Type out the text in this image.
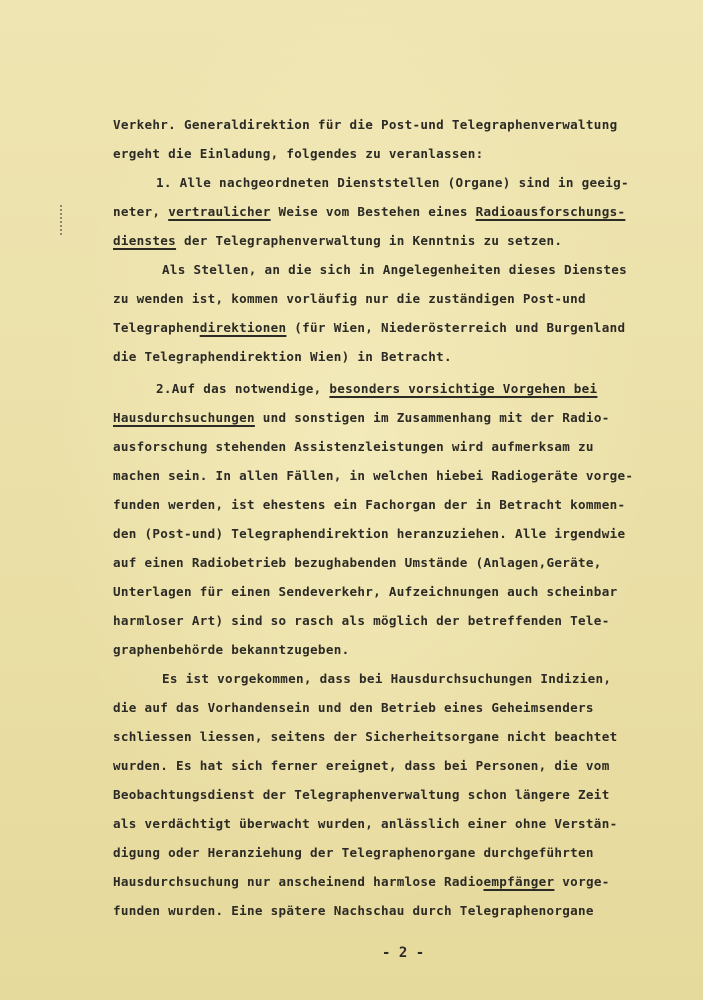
Verkehr. Generaldirektion für die Post-und Telegraphenverwaltung
ergeht die Einladung, folgendes zu veranlassen:
1. Alle nachgeordneten Dienststellen (Organe) sind in geeig-
neter, vertraulicher Weise vom Bestehen eines Radioausforschungs-
dienstes der Telegraphenverwaltung in Kenntnis zu setzen.
Als Stellen, an die sich in Angelegenheiten dieses Dienstes
zu wenden ist, kommen vorläufig nur die zuständigen Post-und
Telegraphendirektionen (für Wien, Niederösterreich und Burgenland
die Telegraphendirektion Wien) in Betracht.
2.Auf das notwendige, besonders vorsichtige Vorgehen bei
Hausdurchsuchungen und sonstigen im Zusammenhang mit der Radio-
ausforschung stehenden Assistenzleistungen wird aufmerksam zu
machen sein. In allen Fällen, in welchen hiebei Radiogeräte vorge-
funden werden, ist ehestens ein Fachorgan der in Betracht kommen-
den (Post-und) Telegraphendirektion heranzuziehen. Alle irgendwie
auf einen Radiobetrieb bezughabenden Umstände (Anlagen,Geräte,
Unterlagen für einen Sendeverkehr, Aufzeichnungen auch scheinbar
harmloser Art) sind so rasch als möglich der betreffenden Tele-
graphenbehörde bekanntzugeben.
Es ist vorgekommen, dass bei Hausdurchsuchungen Indizien,
die auf das Vorhandensein und den Betrieb eines Geheimsenders
schliessen liessen, seitens der Sicherheitsorgane nicht beachtet
wurden. Es hat sich ferner ereignet, dass bei Personen, die vom
Beobachtungsdienst der Telegraphenverwaltung schon längere Zeit
als verdächtigt überwacht wurden, anlässlich einer ohne Verstän-
digung oder Heranziehung der Telegraphenorgane durchgeführten
Hausdurchsuchung nur anscheinend harmlose Radioempfänger vorge-
funden wurden. Eine spätere Nachschau durch Telegraphenorgane
- 2 -
